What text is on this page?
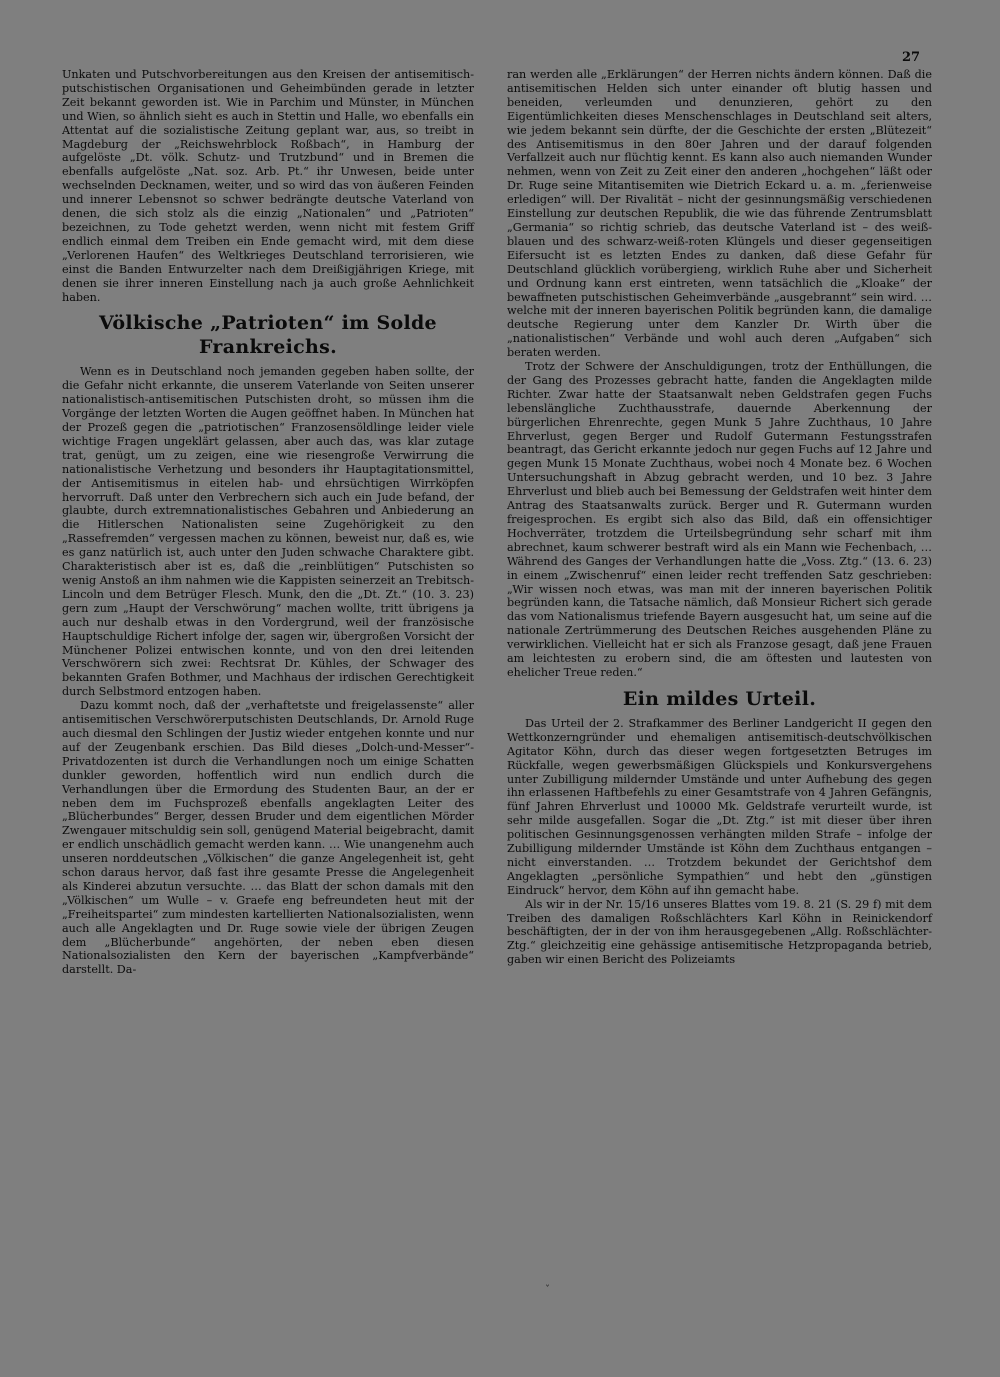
27

Unkaten und Putschvorbereitungen aus den Kreisen der antisemitisch-putschistischen Organisationen und Geheimbünden gerade in letzter Zeit bekannt geworden ist. Wie in Parchim und Münster, in München und Wien, so ähnlich sieht es auch in Stettin und Halle, wo ebenfalls ein Attentat auf die sozialistische Zeitung geplant war, aus, so treibt in Magdeburg der „Reichswehrblock Roßbach“, in Hamburg der aufgelöste „Dt. völk. Schutz- und Trutzbund“ und in Bremen die ebenfalls aufgelöste „Nat. soz. Arb. Pt.“ ihr Unwesen, beide unter wechselnden Decknamen, weiter, und so wird das von äußeren Feinden und innerer Lebensnot so schwer bedrängte deutsche Vaterland von denen, die sich stolz als die einzig „Nationalen“ und „Patrioten“ bezeichnen, zu Tode gehetzt werden, wenn nicht mit festem Griff endlich einmal dem Treiben ein Ende gemacht wird, mit dem diese „Verlorenen Haufen“ des Weltkrieges Deutschland terrorisieren, wie einst die Banden Entwurzelter nach dem Dreißigjährigen Kriege, mit denen sie ihrer inneren Einstellung nach ja auch große Aehnlichkeit haben.

Völkische „Patrioten“ im Solde Frankreichs.

Wenn es in Deutschland noch jemanden gegeben haben sollte, der die Gefahr nicht erkannte, die unserem Vaterlande von Seiten unserer nationalistisch-antisemitischen Putschisten droht, so müssen ihm die Vorgänge der letzten Worten die Augen geöffnet haben. In München hat der Prozeß gegen die „patriotischen“ Franzosensöldlinge leider viele wichtige Fragen ungeklärt gelassen, aber auch das, was klar zutage trat, genügt, um zu zeigen, eine wie riesengroße Verwirrung die nationalistische Verhetzung und besonders ihr Hauptagitationsmittel, der Antisemitismus in eitelen hab- und ehrsüchtigen Wirrköpfen hervorruft. Daß unter den Verbrechern sich auch ein Jude befand, der glaubte, durch extremnationalistisches Gebahren und Anbiederung an die Hitlerschen Nationalisten seine Zugehörigkeit zu den „Rassefremden“ vergessen machen zu können, beweist nur, daß es, wie es ganz natürlich ist, auch unter den Juden schwache Charaktere gibt. Charakteristisch aber ist es, daß die „reinblütigen“ Putschisten so wenig Anstoß an ihm nahmen wie die Kappisten seinerzeit an Trebitsch-Lincoln und dem Betrüger Flesch. Munk, den die „Dt. Zt.“ (10. 3. 23) gern zum „Haupt der Verschwörung“ machen wollte, tritt übrigens ja auch nur deshalb etwas in den Vordergrund, weil der französische Hauptschuldige Richert infolge der, sagen wir, übergroßen Vorsicht der Münchener Polizei entwischen konnte, und von den drei leitenden Verschwörern sich zwei: Rechtsrat Dr. Kühles, der Schwager des bekannten Grafen Bothmer, und Machhaus der irdischen Gerechtigkeit durch Selbstmord entzogen haben.

Dazu kommt noch, daß der „verhaftetste und freigelassenste“ aller antisemitischen Verschwörerputschisten Deutschlands, Dr. Arnold Ruge auch diesmal den Schlingen der Justiz wieder entgehen konnte und nur auf der Zeugenbank erschien. Das Bild dieses „Dolch-und-Messer“-Privatdozenten ist durch die Verhandlungen noch um einige Schatten dunkler geworden, hoffentlich wird nun endlich durch die Verhandlungen über die Ermordung des Studenten Baur, an der er neben dem im Fuchsprozeß ebenfalls angeklagten Leiter des „Blücherbundes“ Berger, dessen Bruder und dem eigentlichen Mörder Zwengauer mitschuldig sein soll, genügend Material beigebracht, damit er endlich unschädlich gemacht werden kann. … Wie unangenehm auch unseren norddeutschen „Völkischen“ die ganze Angelegenheit ist, geht schon daraus hervor, daß fast ihre gesamte Presse die Angelegenheit als Kinderei abzutun versuchte. … das Blatt der schon damals mit den „Völkischen“ um Wulle – v. Graefe eng befreundeten heut mit der „Freiheitspartei“ zum mindesten kartellierten Nationalsozialisten, wenn auch alle Angeklagten und Dr. Ruge sowie viele der übrigen Zeugen dem „Blücherbunde“ angehörten, der neben eben diesen Nationalsozialisten den Kern der bayerischen „Kampfverbände“ darstellt. Da-

ran werden alle „Erklärungen“ der Herren nichts ändern können. Daß die antisemitischen Helden sich unter einander oft blutig hassen und beneiden, verleumden und denunzieren, gehört zu den Eigentümlichkeiten dieses Menschenschlages in Deutschland seit alters, wie jedem bekannt sein dürfte, der die Geschichte der ersten „Blütezeit“ des Antisemitismus in den 80er Jahren und der darauf folgenden Verfallzeit auch nur flüchtig kennt. Es kann also auch niemanden Wunder nehmen, wenn von Zeit zu Zeit einer den anderen „hochgehen“ läßt oder Dr. Ruge seine Mitantisemiten wie Dietrich Eckard u. a. m. „ferienweise erledigen“ will. Der Rivalität – nicht der gesinnungsmäßig verschiedenen Einstellung zur deutschen Republik, die wie das führende Zentrumsblatt „Germania“ so richtig schrieb, das deutsche Vaterland ist – des weiß-blauen und des schwarz-weiß-roten Klüngels und dieser gegenseitigen Eifersucht ist es letzten Endes zu danken, daß diese Gefahr für Deutschland glücklich vorübergieng, wirklich Ruhe aber und Sicherheit und Ordnung kann erst eintreten, wenn tatsächlich die „Kloake“ der bewaffneten putschistischen Geheimverbände „ausgebrannt“ sein wird. … welche mit der inneren bayerischen Politik begründen kann, die damalige deutsche Regierung unter dem Kanzler Dr. Wirth über die „nationalistischen“ Verbände und wohl auch deren „Aufgaben“ sich beraten werden.

Trotz der Schwere der Anschuldigungen, trotz der Enthüllungen, die der Gang des Prozesses gebracht hatte, fanden die Angeklagten milde Richter. Zwar hatte der Staatsanwalt neben Geldstrafen gegen Fuchs lebenslängliche Zuchthausstrafe, dauernde Aberkennung der bürgerlichen Ehrenrechte, gegen Munk 5 Jahre Zuchthaus, 10 Jahre Ehrverlust, gegen Berger und Rudolf Gutermann Festungsstrafen beantragt, das Gericht erkannte jedoch nur gegen Fuchs auf 12 Jahre und gegen Munk 15 Monate Zuchthaus, wobei noch 4 Monate bez. 6 Wochen Untersuchungshaft in Abzug gebracht werden, und 10 bez. 3 Jahre Ehrverlust und blieb auch bei Bemessung der Geldstrafen weit hinter dem Antrag des Staatsanwalts zurück. Berger und R. Gutermann wurden freigesprochen. Es ergibt sich also das Bild, daß ein offensichtiger Hochverräter, trotzdem die Urteilsbegründung sehr scharf mit ihm abrechnet, kaum schwerer bestraft wird als ein Mann wie Fechenbach, … Während des Ganges der Verhandlungen hatte die „Voss. Ztg.“ (13. 6. 23) in einem „Zwischenruf“ einen leider recht treffenden Satz geschrieben: „Wir wissen noch etwas, was man mit der inneren bayerischen Politik begründen kann, die Tatsache nämlich, daß Monsieur Richert sich gerade das vom Nationalismus triefende Bayern ausgesucht hat, um seine auf die nationale Zertrümmerung des Deutschen Reiches ausgehenden Pläne zu verwirklichen. Vielleicht hat er sich als Franzose gesagt, daß jene Frauen am leichtesten zu erobern sind, die am öftesten und lautesten von ehelicher Treue reden.“

Ein mildes Urteil.

Das Urteil der 2. Strafkammer des Berliner Landgericht II gegen den Wettkonzerngründer und ehemaligen antisemitisch-deutschvölkischen Agitator Köhn, durch das dieser wegen fortgesetzten Betruges im Rückfalle, wegen gewerbsmäßigen Glückspiels und Konkursvergehens unter Zubilligung mildernder Umstände und unter Aufhebung des gegen ihn erlassenen Haftbefehls zu einer Gesamtstrafe von 4 Jahren Gefängnis, fünf Jahren Ehrverlust und 10000 Mk. Geldstrafe verurteilt wurde, ist sehr milde ausgefallen. Sogar die „Dt. Ztg.“ ist mit dieser über ihren politischen Gesinnungsgenossen verhängten milden Strafe – infolge der Zubilligung mildernder Umstände ist Köhn dem Zuchthaus entgangen – nicht einverstanden. … Trotzdem bekundet der Gerichtshof dem Angeklagten „persönliche Sympathien“ und hebt den „günstigen Eindruck“ hervor, dem Köhn auf ihn gemacht habe.

Als wir in der Nr. 15/16 unseres Blattes vom 19. 8. 21 (S. 29 f) mit dem Treiben des damaligen Roßschlächters Karl Köhn in Reinickendorf beschäftigten, der in der von ihm herausgegebenen „Allg. Roßschlächter-Ztg.“ gleichzeitig eine gehässige antisemitische Hetzpropaganda betrieb, gaben wir einen Bericht des Polizeiamts

ˇ
